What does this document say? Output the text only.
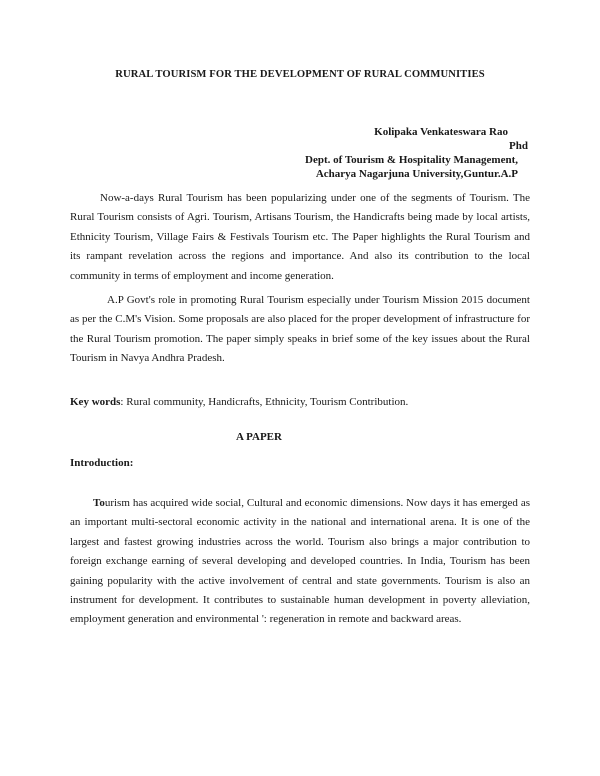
RURAL TOURISM FOR THE DEVELOPMENT OF RURAL COMMUNITIES
Kolipaka Venkateswara Rao
Phd
Dept. of Tourism & Hospitality Management,
Acharya Nagarjuna University,Guntur.A.P
Now-a-days Rural Tourism has been popularizing under one of the segments of Tourism. The Rural Tourism consists of Agri. Tourism, Artisans Tourism, the Handicrafts being made by local artists, Ethnicity Tourism, Village Fairs & Festivals Tourism etc. The Paper highlights the Rural Tourism and its rampant revelation across the regions and importance. And also its contribution to the local community in terms of employment and income generation.
A.P Govt's role in promoting Rural Tourism especially under Tourism Mission 2015 document as per the C.M's Vision. Some proposals are also placed for the proper development of infrastructure for the Rural Tourism promotion. The paper simply speaks in brief some of the key issues about the Rural Tourism in Navya Andhra Pradesh.
Key words: Rural community, Handicrafts, Ethnicity, Tourism Contribution.
A PAPER
Introduction:
Tourism has acquired wide social, Cultural and economic dimensions. Now days it has emerged as an important multi-sectoral economic activity in the national and international arena. It is one of the largest and fastest growing industries across the world. Tourism also brings a major contribution to foreign exchange earning of several developing and developed countries. In India, Tourism has been gaining popularity with the active involvement of central and state governments. Tourism is also an instrument for development. It contributes to sustainable human development in poverty alleviation, employment generation and environmental ': regeneration in remote and backward areas.
